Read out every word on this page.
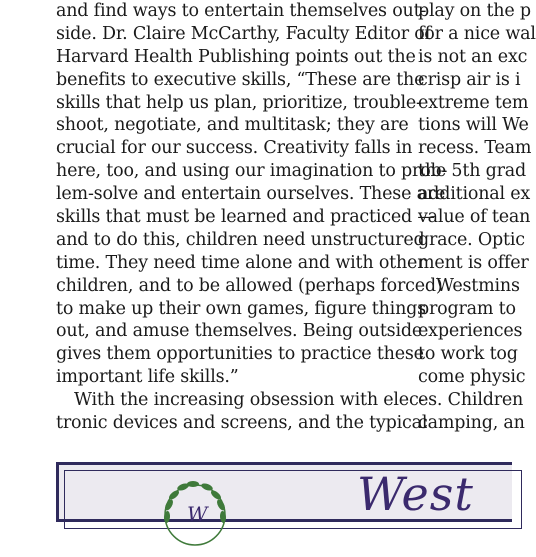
and find ways to entertain themselves out-
side. Dr. Claire McCarthy, Faculty Editor of
Harvard Health Publishing points out the
benefits to executive skills, “These are the
skills that help us plan, prioritize, trouble-
shoot, negotiate, and multitask; they are
crucial for our success. Creativity falls in
here, too, and using our imagination to prob-
lem-solve and entertain ourselves. These are
skills that must be learned and practiced —
and to do this, children need unstructured
time. They need time alone and with other
children, and to be allowed (perhaps forced)
to make up their own games, figure things
out, and amuse themselves. Being outside
gives them opportunities to practice these
important life skills.”
With the increasing obsession with elec-
tronic devices and screens, and the typical
play on the p
for a nice wal
is not an exc
crisp air is i
extreme tem
tions will We
recess. Team
the 5th grad
additional ex
value of tean
grace. Optic
ment is offer
Westmins
program to
experiences
to work tog
come physic
es. Children
camping, an
W	West
